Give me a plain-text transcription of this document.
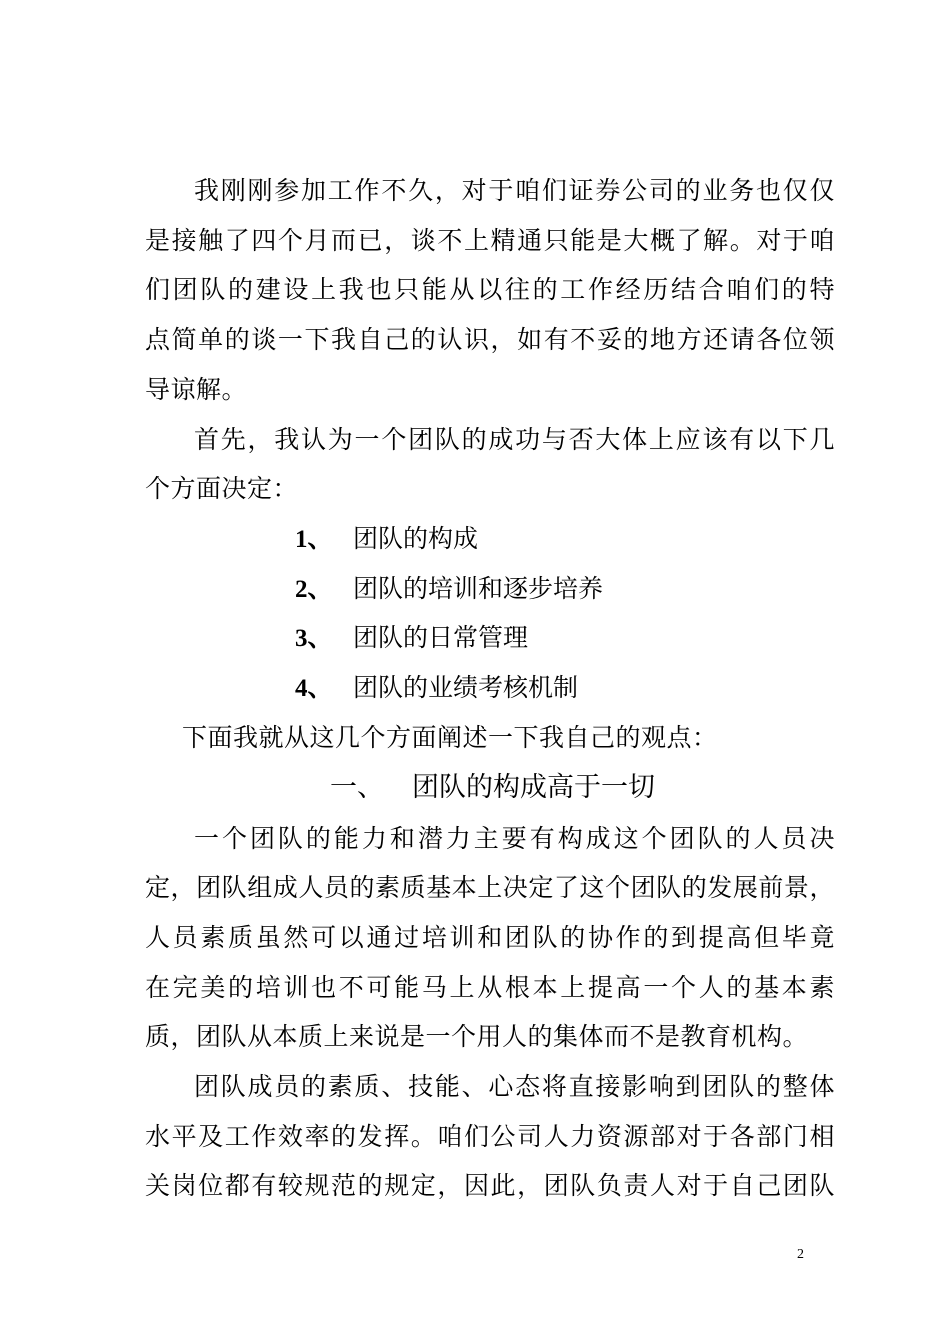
我刚刚参加工作不久，对于咱们证券公司的业务也仅仅
是接触了四个月而已，谈不上精通只能是大概了解。对于咱
们团队的建设上我也只能从以往的工作经历结合咱们的特
点简单的谈一下我自己的认识，如有不妥的地方还请各位领
导谅解。
首先，我认为一个团队的成功与否大体上应该有以下几
个方面决定：
1、 团队的构成
2、 团队的培训和逐步培养
3、 团队的日常管理
4、 团队的业绩考核机制
下面我就从这几个方面阐述一下我自己的观点：
一、 团队的构成高于一切
一个团队的能力和潜力主要有构成这个团队的人员决
定，团队组成人员的素质基本上决定了这个团队的发展前景，
人员素质虽然可以通过培训和团队的协作的到提高但毕竟
在完美的培训也不可能马上从根本上提高一个人的基本素
质，团队从本质上来说是一个用人的集体而不是教育机构。
团队成员的素质、技能、心态将直接影响到团队的整体
水平及工作效率的发挥。咱们公司人力资源部对于各部门相
关岗位都有较规范的规定，因此，团队负责人对于自己团队
2
